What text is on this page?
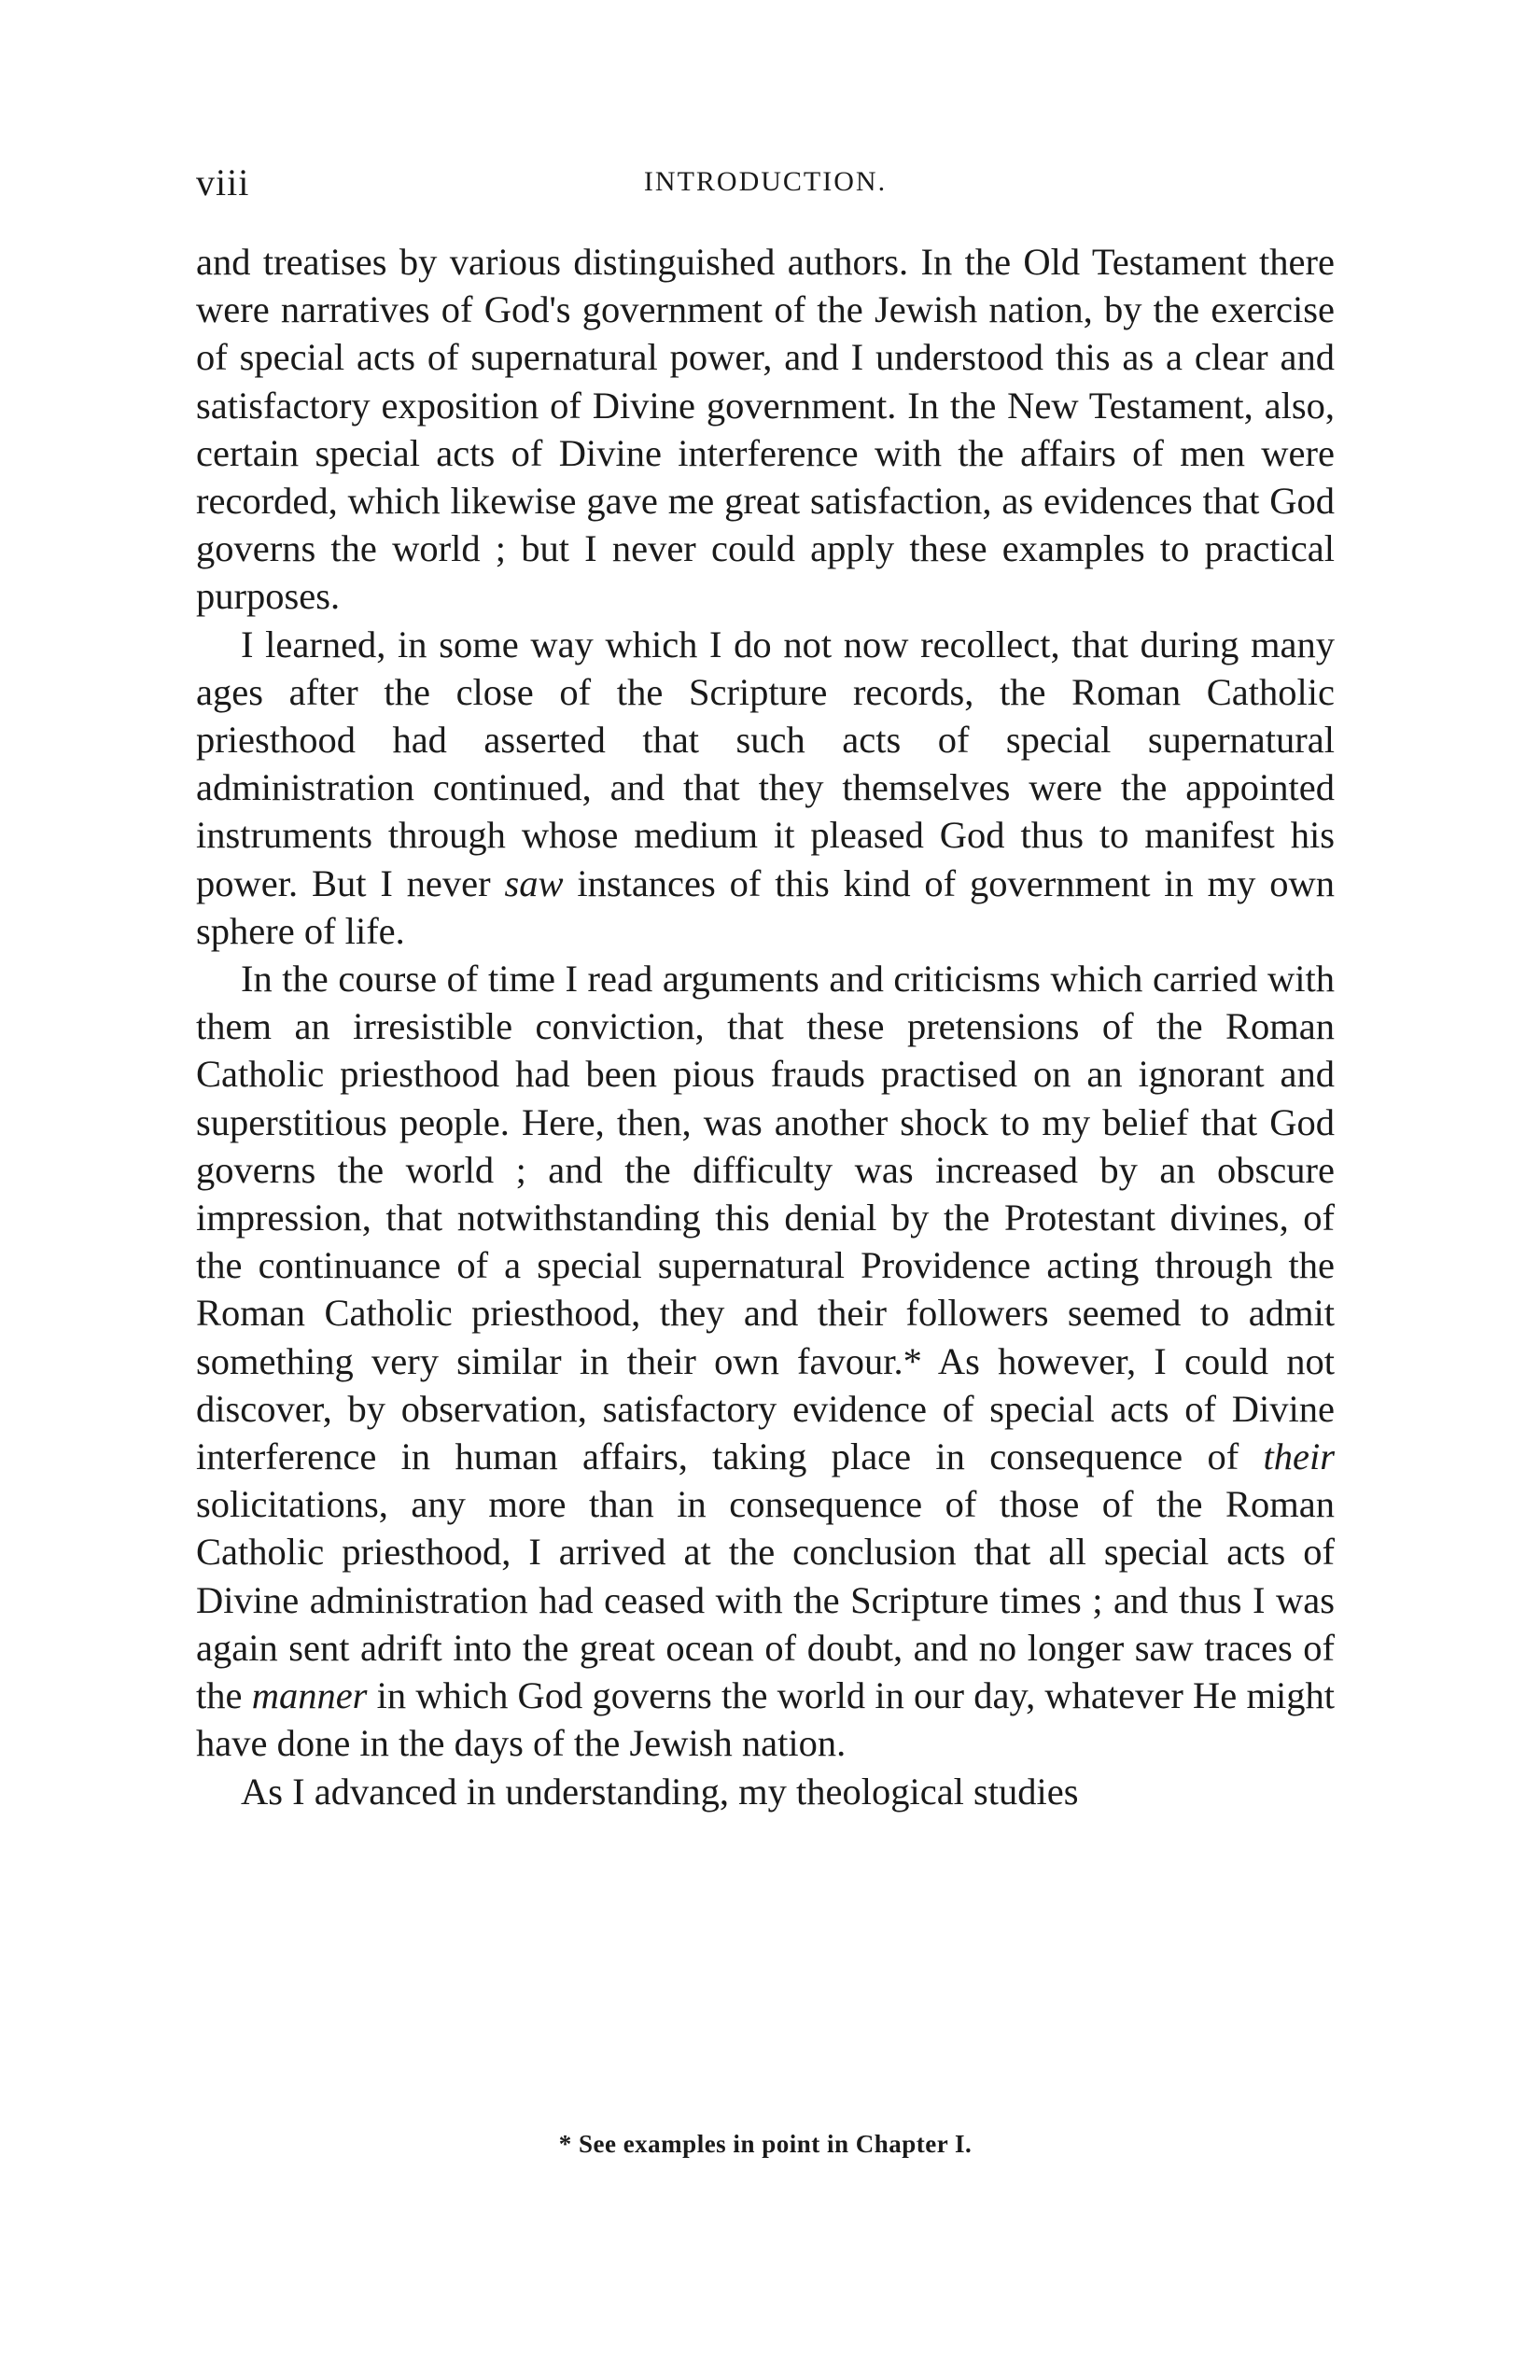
viii	INTRODUCTION.

and treatises by various distinguished authors. In the Old Testament there were narratives of God's government of the Jewish nation, by the exercise of special acts of supernatural power, and I understood this as a clear and satisfactory exposition of Divine government. In the New Testament, also, certain special acts of Divine interference with the affairs of men were recorded, which likewise gave me great satisfaction, as evidences that God governs the world ; but I never could apply these examples to practical purposes.

I learned, in some way which I do not now recollect, that during many ages after the close of the Scripture records, the Roman Catholic priesthood had asserted that such acts of special supernatural administration continued, and that they themselves were the appointed instruments through whose medium it pleased God thus to manifest his power. But I never saw instances of this kind of government in my own sphere of life.

In the course of time I read arguments and criticisms which carried with them an irresistible conviction, that these pretensions of the Roman Catholic priesthood had been pious frauds practised on an ignorant and superstitious people. Here, then, was another shock to my belief that God governs the world ; and the difficulty was increased by an obscure impression, that notwithstanding this denial by the Protestant divines, of the continuance of a special supernatural Providence acting through the Roman Catholic priesthood, they and their followers seemed to admit something very similar in their own favour.* As however, I could not discover, by observation, satisfactory evidence of special acts of Divine interference in human affairs, taking place in consequence of their solicitations, any more than in consequence of those of the Roman Catholic priesthood, I arrived at the conclusion that all special acts of Divine administration had ceased with the Scripture times ; and thus I was again sent adrift into the great ocean of doubt, and no longer saw traces of the manner in which God governs the world in our day, whatever He might have done in the days of the Jewish nation.

As I advanced in understanding, my theological studies

* See examples in point in Chapter I.
